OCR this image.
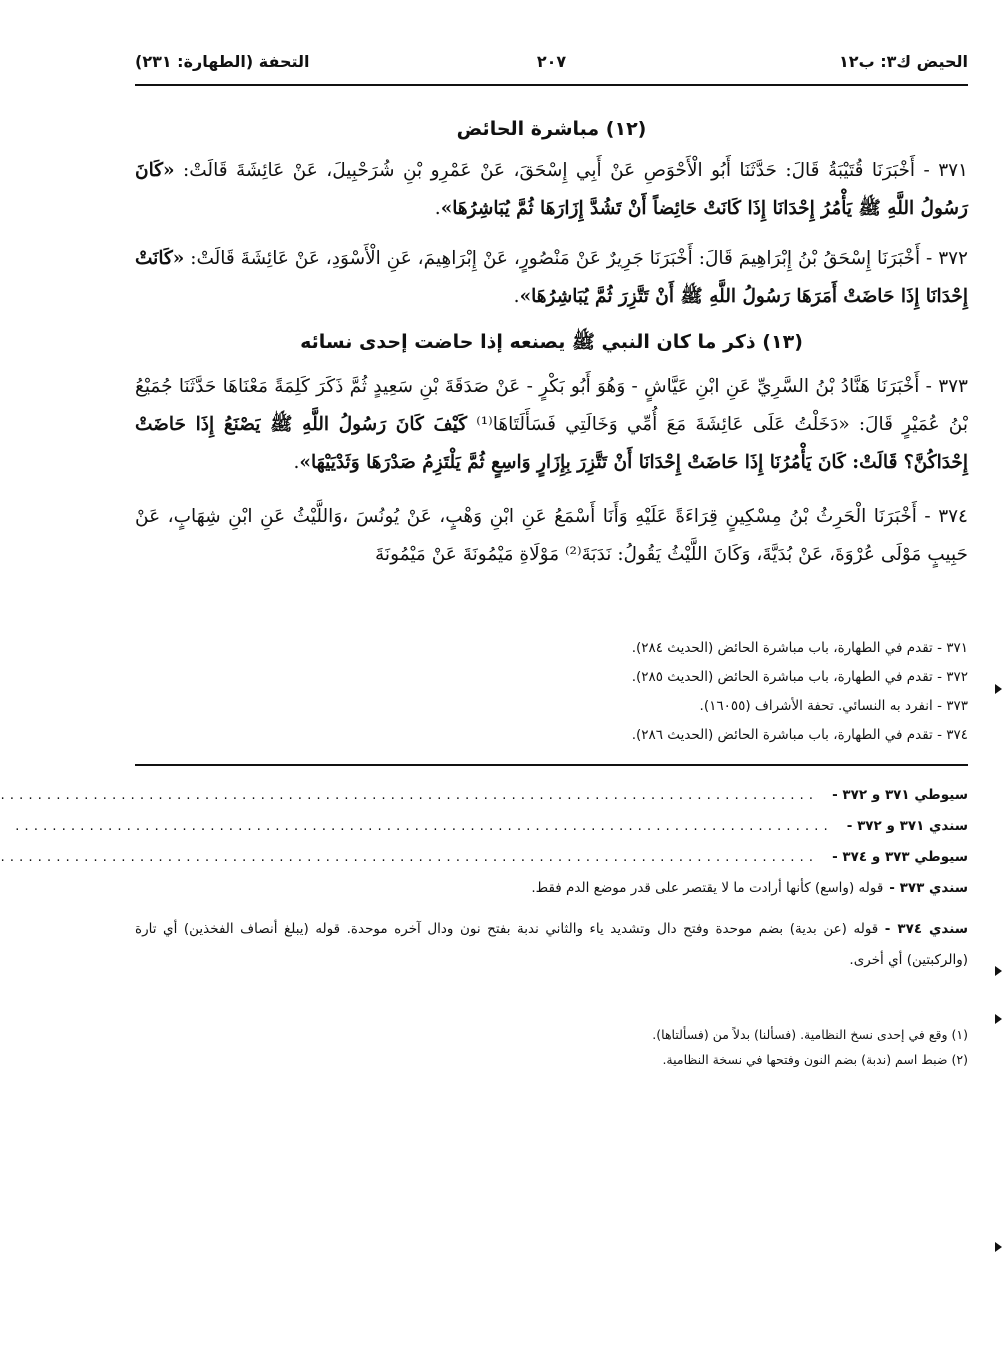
٢٠٧	الحيض ك٣: ب١٢
التحفة (الطهارة: ٢٣١)
(١٢) مباشرة الحائض

٣٧١ - أَخْبَرَنَا قُتَيْبَةُ قَالَ: حَدَّثَنَا أَبُو الْأَحْوَصِ عَنْ أَبِي إِسْحَقَ، عَنْ عَمْرِو بْنِ شُرَحْبِيلَ، عَنْ عَائِشَةَ قَالَتْ: «كَانَ رَسُولُ اللَّهِ ﷺ يَأْمُرُ إِحْدَانَا إِذَا كَانَتْ حَائِضاً أَنْ تَشُدَّ إِزَارَهَا ثُمَّ يُبَاشِرُهَا».

٣٧٢ - أَخْبَرَنَا إِسْحَقُ بْنُ إِبْرَاهِيمَ قَالَ: أَخْبَرَنَا جَرِيرٌ عَنْ مَنْصُورٍ، عَنْ إِبْرَاهِيمَ، عَنِ الْأَسْوَدِ، عَنْ عَائِشَةَ قَالَتْ: «كَانَتْ إِحْدَانَا إِذَا حَاضَتْ أَمَرَهَا رَسُولُ اللَّهِ ﷺ أَنْ تَتَّزِرَ ثُمَّ يُبَاشِرُهَا».

(١٣) ذكر ما كان النبي ﷺ يصنعه إذا حاضت إحدى نسائه

٣٧٣ - أَخْبَرَنَا هَنَّادُ بْنُ السَّرِيِّ عَنِ ابْنِ عَيَّاشٍ - وَهُوَ أَبُو بَكْرٍ - عَنْ صَدَقَةَ بْنِ سَعِيدٍ ثُمَّ ذَكَرَ كَلِمَةً مَعْنَاهَا حَدَّثَنَا جُمَيْعُ بْنُ عُمَيْرٍ قَالَ: «دَخَلْتُ عَلَى عَائِشَةَ مَعَ أُمِّي وَخَالَتِي فَسَأَلَتَاهَا⁽¹⁾ كَيْفَ كَانَ رَسُولُ اللَّهِ ﷺ يَصْنَعُ إِذَا حَاضَتْ إِحْدَاكُنَّ؟ قَالَتْ: كَانَ يَأْمُرُنَا إِذَا حَاضَتْ إِحْدَانَا أَنْ تَتَّزِرَ بِإِزَارٍ وَاسِعٍ ثُمَّ يَلْتَزِمُ صَدْرَهَا وَثَدْيَيْهَا».

٣٧٤ - أَخْبَرَنَا الْحَرِثُ بْنُ مِسْكِينٍ قِرَاءَةً عَلَيْهِ وَأَنَا أَسْمَعُ عَنِ ابْنِ وَهْبٍ، عَنْ يُونُسَ ،وَاللَّيْثُ عَنِ ابْنِ شِهَابٍ، عَنْ حَبِيبٍ مَوْلَى عُرْوَةَ، عَنْ بُدَيَّةَ، وَكَانَ اللَّيْثُ يَقُولُ: نَدَبَةَ⁽²⁾ مَوْلَاةِ مَيْمُونَةَ عَنْ مَيْمُونَةَ

٣٧١ - تقدم في الطهارة، باب مباشرة الحائض (الحديث ٢٨٤).
٣٧٢ - تقدم في الطهارة، باب مباشرة الحائض (الحديث ٢٨٥).
٣٧٣ - انفرد به النسائي. تحفة الأشراف (١٦٠٥٥).
٣٧٤ - تقدم في الطهارة، باب مباشرة الحائض (الحديث ٢٨٦).
سيوطي ٣٧١ و ٣٧٢ -
........................................................................................
سندي ٣٧١ و ٣٧٢ -
........................................................................................
سيوطي ٣٧٣ و ٣٧٤ -
........................................................................................
سندي ٣٧٣ -
قوله (واسع) كأنها أرادت ما لا يقتصر على قدر موضع الدم فقط.

سندي ٣٧٤ - قوله (عن بدية) بضم موحدة وفتح دال وتشديد ياء والثاني ندبة بفتح نون ودال آخره موحدة. قوله (يبلغ أنصاف الفخذين) أي تارة (والركبتين) أي أخرى.

(١) وقع في إحدى نسخ النظامية. (فسألنا) بدلاً من (فسألتاها).
(٢) ضبط اسم (ندبة) بضم النون وفتحها في نسخة النظامية.
